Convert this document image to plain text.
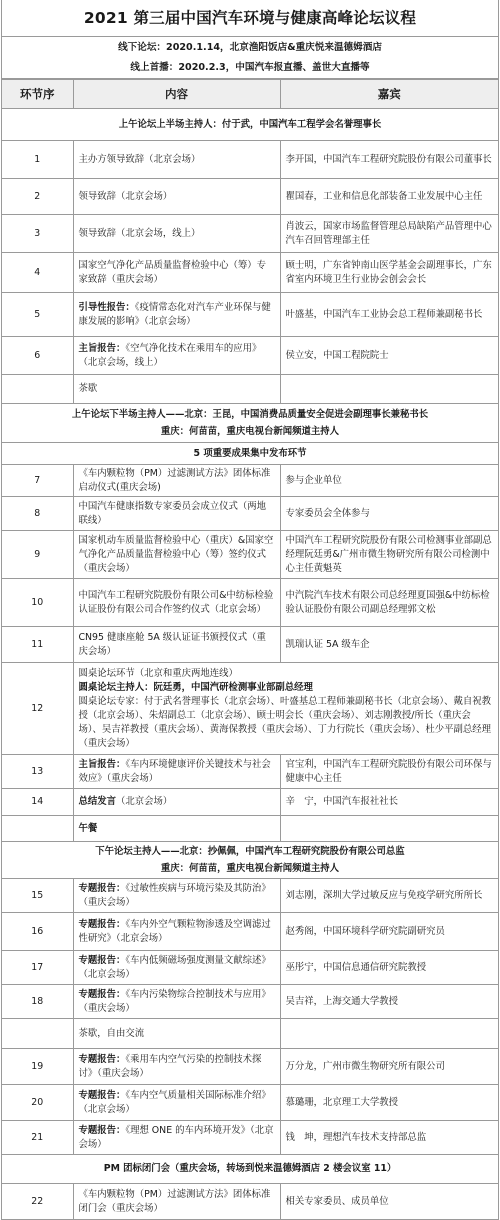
2021 第三届中国汽车环境与健康高峰论坛议程
线下论坛：2020.1.14，北京渔阳饭店&重庆悦来温德姆酒店
线上首播：2020.2.3，中国汽车报直播、盖世大直播等
环节序	内容	嘉宾
上午论坛上半场主持人：付于武，中国汽车工程学会名誉理事长		
1	主办方领导致辞（北京会场）	李开国，中国汽车工程研究院股份有限公司董事长
2	领导致辞（北京会场）	瞿国春，工业和信息化部装备工业发展中心主任
3	领导致辞（北京会场，线上）	肖波云，国家市场监督管理总局缺陷产品管理中心汽车召回管理部主任
4	国家空气净化产品质量监督检验中心（筹）专家致辞（重庆会场）	顾士明，广东省钟南山医学基金会副理事长，广东省室内环境卫生行业协会创会会长
5	引导性报告：《疫情常态化对汽车产业环保与健康发展的影响》（北京会场）	叶盛基，中国汽车工业协会总工程师兼副秘书长
6	主旨报告：《空气净化技术在乘用车的应用》（北京会场，线上）	侯立安，中国工程院院士
	茶歇	

上午论坛下半场主持人——北京：王昆，中国消费品质量安全促进会副理事长兼秘书长
重庆：何苗苗，重庆电视台新闻频道主持人		

5 项重要成果集中发布环节		
7	《车内颗粒物（PM）过滤测试方法》团体标准启动仪式(重庆会场)	参与企业单位
8	中国汽车健康指数专家委员会成立仪式（两地联线）	专家委员会全体参与
9	国家机动车质量监督检验中心（重庆）&国家空气净化产品质量监督检验中心（筹）签约仪式（重庆会场）	中国汽车工程研究院股份有限公司检测事业部副总经理阮廷勇&广州市微生物研究所有限公司检测中心主任黄魁英
10	中国汽车工程研究院股份有限公司&中纺标检验认证股份有限公司合作签约仪式（北京会场）	中汽院汽车技术有限公司总经理夏国强&中纺标检验认证股份有限公司副总经理郭文松
11	CN95 健康座舱 5A 级认证证书颁授仪式（重庆会场）	凯瑞认证 5A 级车企
12	圆桌论坛环节（北京和重庆两地连线）
圆桌论坛主持人：阮廷勇，中国汽研检测事业部副总经理
圆桌论坛专家：付于武名誉理事长（北京会场）、叶盛基总工程师兼副秘书长（北京会场）、戴自祝教授（北京会场）、朱炤副总工（北京会场）、顾士明会长（重庆会场）、刘志刚教授/所长（重庆会场）、吴吉祥教授（重庆会场）、黄海保教授（重庆会场）、丁力行院长（重庆会场）、杜少平副总经理（重庆会场）	

13	主旨报告：《车内环境健康评价关键技术与社会效应》（重庆会场）	官宝利，中国汽车工程研究院股份有限公司环保与健康中心主任
14	总结发言（北京会场）	辛　宁，中国汽车报社社长
	午餐	

下午论坛主持人——北京：抄佩佩，中国汽车工程研究院股份有限公司总监
重庆：何苗苗，重庆电视台新闻频道主持人		

15	专题报告：《过敏性疾病与环境污染及其防治》（重庆会场）	刘志刚，深圳大学过敏反应与免疫学研究所所长
16	专题报告：《车内外空气颗粒物渗透及空调滤过性研究》（北京会场）	赵秀阁，中国环境科学研究院副研究员
17	专题报告：《车内低频磁场强度测量文献综述》（北京会场）	巫彤宁，中国信息通信研究院教授
18	专题报告：《车内污染物综合控制技术与应用》（重庆会场）	吴吉祥，上海交通大学教授
	茶歇，自由交流	
19	专题报告：《乘用车内空气污染的控制技术探讨》（重庆会场）	万分龙，广州市微生物研究所有限公司
20	专题报告：《车内空气质量相关国际标准介绍》（北京会场）	慕璐珊，北京理工大学教授
21	专题报告：《理想 ONE 的车内环境开发》（北京会场）	钱　坤，理想汽车技术支持部总监
PM 团标闭门会（重庆会场，转场到悦来温德姆酒店 2 楼会议室 11）		
22	《车内颗粒物（PM）过滤测试方法》团体标准闭门会（重庆会场）	相关专家委员、成员单位
